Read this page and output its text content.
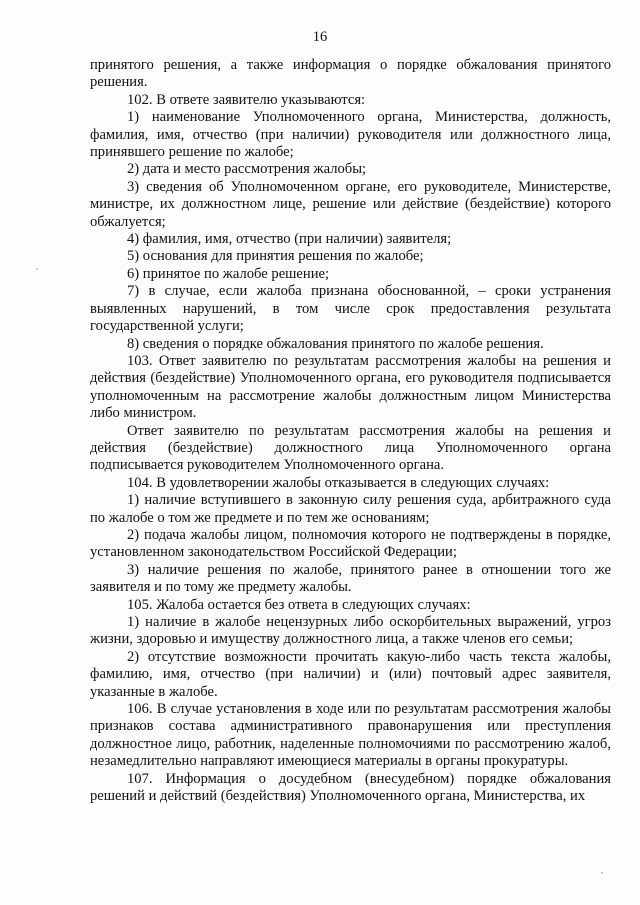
16

принятого решения, а также информация о порядке обжалования принятого решения.

102. В ответе заявителю указываются:

1) наименование Уполномоченного органа, Министерства, должность, фамилия, имя, отчество (при наличии) руководителя или должностного лица, принявшего решение по жалобе;

2) дата и место рассмотрения жалобы;

3) сведения об Уполномоченном органе, его руководителе, Министерстве, министре, их должностном лице, решение или действие (бездействие) которого обжалуется;

4) фамилия, имя, отчество (при наличии) заявителя;

5) основания для принятия решения по жалобе;

6) принятое по жалобе решение;

7) в случае, если жалоба признана обоснованной, – сроки устранения выявленных нарушений, в том числе срок предоставления результата государственной услуги;

8) сведения о порядке обжалования принятого по жалобе решения.

103. Ответ заявителю по результатам рассмотрения жалобы на решения и действия (бездействие) Уполномоченного органа, его руководителя подписывается уполномоченным на рассмотрение жалобы должностным лицом Министерства либо министром.

Ответ заявителю по результатам рассмотрения жалобы на решения и действия (бездействие) должностного лица Уполномоченного органа подписывается руководителем Уполномоченного органа.

104. В удовлетворении жалобы отказывается в следующих случаях:

1) наличие вступившего в законную силу решения суда, арбитражного суда по жалобе о том же предмете и по тем же основаниям;

2) подача жалобы лицом, полномочия которого не подтверждены в порядке, установленном законодательством Российской Федерации;

3) наличие решения по жалобе, принятого ранее в отношении того же заявителя и по тому же предмету жалобы.

105. Жалоба остается без ответа в следующих случаях:

1) наличие в жалобе нецензурных либо оскорбительных выражений, угроз жизни, здоровью и имуществу должностного лица, а также членов его семьи;

2) отсутствие возможности прочитать какую-либо часть текста жалобы, фамилию, имя, отчество (при наличии) и (или) почтовый адрес заявителя, указанные в жалобе.

106. В случае установления в ходе или по результатам рассмотрения жалобы признаков состава административного правонарушения или преступления должностное лицо, работник, наделенные полномочиями по рассмотрению жалоб, незамедлительно направляют имеющиеся материалы в органы прокуратуры.

107. Информация о досудебном (внесудебном) порядке обжалования решений и действий (бездействия) Уполномоченного органа, Министерства, их
